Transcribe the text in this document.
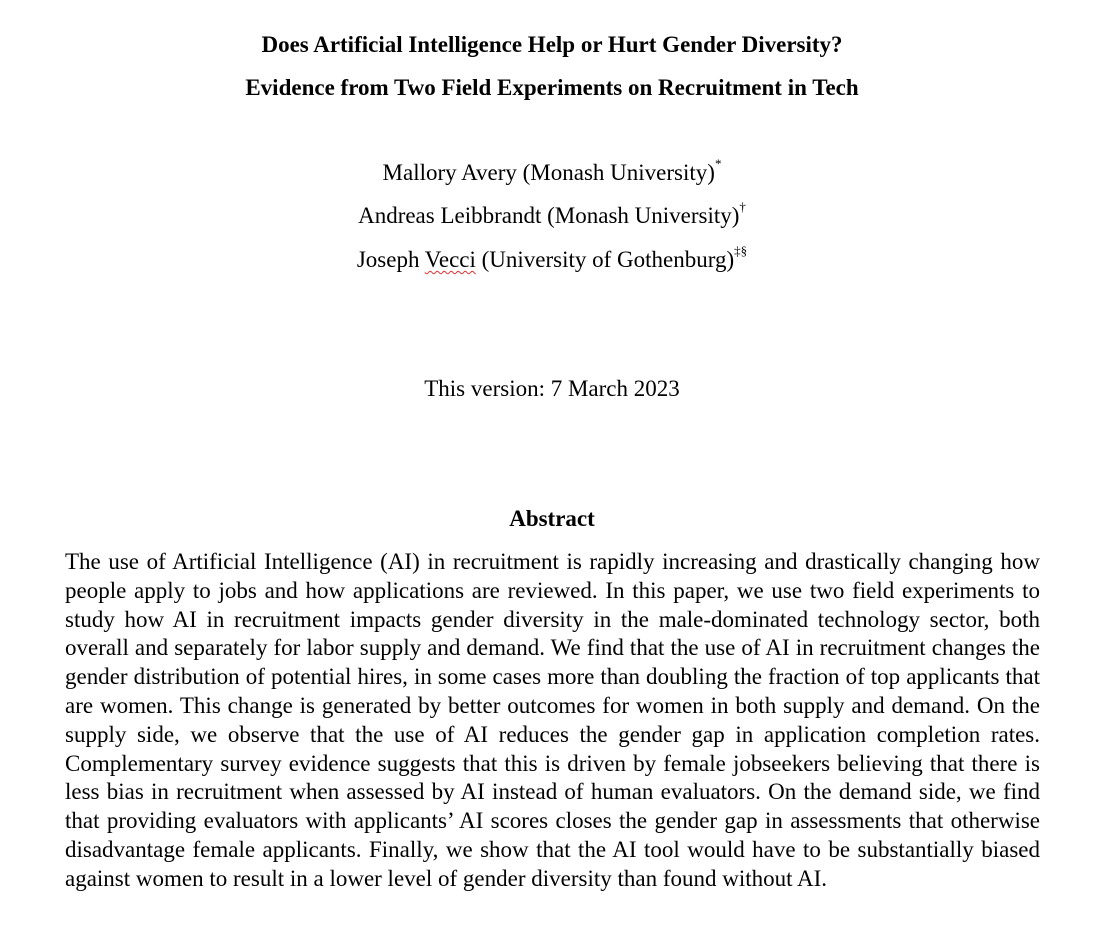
Does Artificial Intelligence Help or Hurt Gender Diversity?

Evidence from Two Field Experiments on Recruitment in Tech

Mallory Avery (Monash University)*

Andreas Leibbrandt (Monash University)†

Joseph Vecci (University of Gothenburg)‡§

This version: 7 March 2023

Abstract

The use of Artificial Intelligence (AI) in recruitment is rapidly increasing and drastically changing how people apply to jobs and how applications are reviewed. In this paper, we use two field experiments to study how AI in recruitment impacts gender diversity in the male-dominated technology sector, both overall and separately for labor supply and demand. We find that the use of AI in recruitment changes the gender distribution of potential hires, in some cases more than doubling the fraction of top applicants that are women. This change is generated by better outcomes for women in both supply and demand. On the supply side, we observe that the use of AI reduces the gender gap in application completion rates. Complementary survey evidence suggests that this is driven by female jobseekers believing that there is less bias in recruitment when assessed by AI instead of human evaluators. On the demand side, we find that providing evaluators with applicants’ AI scores closes the gender gap in assessments that otherwise disadvantage female applicants. Finally, we show that the AI tool would have to be substantially biased against women to result in a lower level of gender diversity than found without AI.
